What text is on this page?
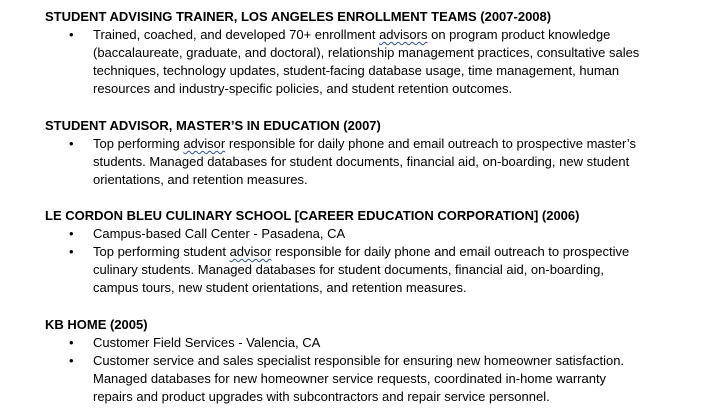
STUDENT ADVISING TRAINER, LOS ANGELES ENROLLMENT TEAMS (2007-2008)
• Trained, coached, and developed 70+ enrollment advisors on program product knowledge
(baccalaureate, graduate, and doctoral), relationship management practices, consultative sales
techniques, technology updates, student-facing database usage, time management, human
resources and industry-specific policies, and student retention outcomes.
STUDENT ADVISOR, MASTER’S IN EDUCATION (2007)
• Top performing advisor responsible for daily phone and email outreach to prospective master’s
students. Managed databases for student documents, financial aid, on-boarding, new student
orientations, and retention measures.
LE CORDON BLEU CULINARY SCHOOL [CAREER EDUCATION CORPORATION] (2006)
• Campus-based Call Center - Pasadena, CA
• Top performing student advisor responsible for daily phone and email outreach to prospective
culinary students. Managed databases for student documents, financial aid, on-boarding,
campus tours, new student orientations, and retention measures.
KB HOME (2005)
• Customer Field Services - Valencia, CA
• Customer service and sales specialist responsible for ensuring new homeowner satisfaction.
Managed databases for new homeowner service requests, coordinated in-home warranty
repairs and product upgrades with subcontractors and repair service personnel.
